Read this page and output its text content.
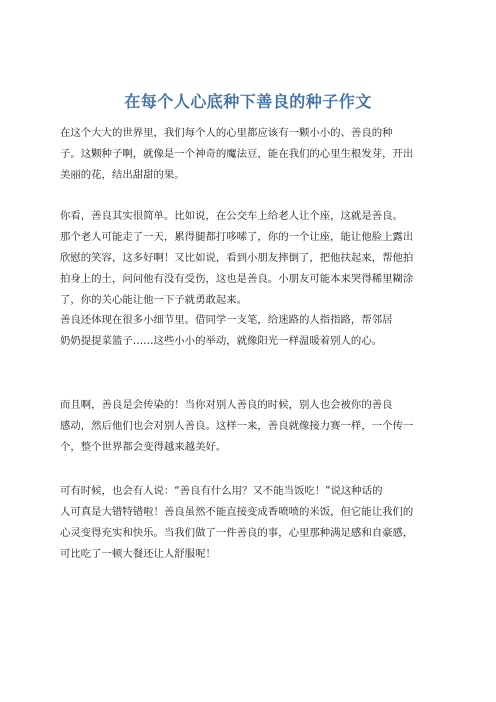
在每个人心底种下善良的种子作文
在这个大大的世界里，我们每个人的心里都应该有一颗小小的、善良的种
子。这颗种子啊，就像是一个神奇的魔法豆，能在我们的心里生根发芽，开出
美丽的花，结出甜甜的果。
你看，善良其实很简单。比如说，在公交车上给老人让个座，这就是善良。
那个老人可能走了一天，累得腿都打哆嗦了，你的一个让座，能让他脸上露出
欣慰的笑容，这多好啊！又比如说，看到小朋友摔倒了，把他扶起来，帮他拍
拍身上的土，问问他有没有受伤，这也是善良。小朋友可能本来哭得稀里糊涂
了，你的关心能让他一下子就勇敢起来。
善良还体现在很多小细节里。借同学一支笔，给迷路的人指指路，帮邻居
奶奶提提菜篮子……这些小小的举动，就像阳光一样温暖着别人的心。
而且啊，善良是会传染的！当你对别人善良的时候，别人也会被你的善良
感动，然后他们也会对别人善良。这样一来，善良就像接力赛一样，一个传一
个，整个世界都会变得越来越美好。
可有时候，也会有人说：“善良有什么用？又不能当饭吃！”说这种话的
人可真是大错特错啦！善良虽然不能直接变成香喷喷的米饭，但它能让我们的
心灵变得充实和快乐。当我们做了一件善良的事，心里那种满足感和自豪感，
可比吃了一顿大餐还让人舒服呢！
